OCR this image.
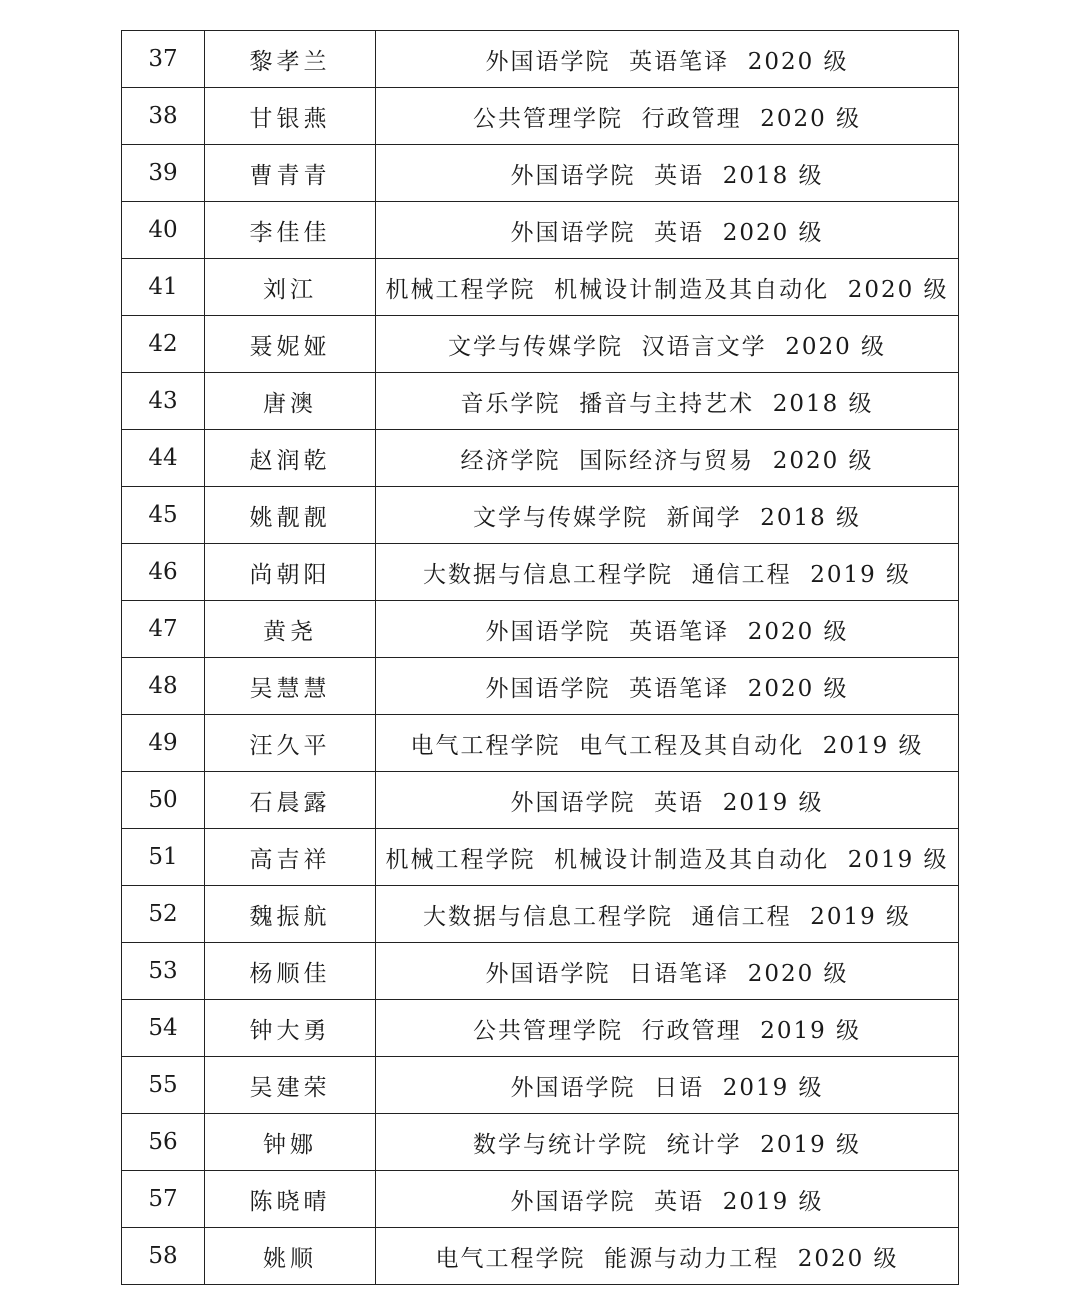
37	黎孝兰	外国语学院  英语笔译  2020 级
38	甘银燕	公共管理学院  行政管理  2020 级
39	曹青青	外国语学院  英语  2018 级
40	李佳佳	外国语学院  英语  2020 级
41	刘江	机械工程学院  机械设计制造及其自动化  2020 级
42	聂妮娅	文学与传媒学院  汉语言文学  2020 级
43	唐澳	音乐学院  播音与主持艺术  2018 级
44	赵润乾	经济学院  国际经济与贸易  2020 级
45	姚靓靓	文学与传媒学院  新闻学  2018 级
46	尚朝阳	大数据与信息工程学院  通信工程  2019 级
47	黄尧	外国语学院  英语笔译  2020 级
48	吴慧慧	外国语学院  英语笔译  2020 级
49	汪久平	电气工程学院  电气工程及其自动化  2019 级
50	石晨露	外国语学院  英语  2019 级
51	高吉祥	机械工程学院  机械设计制造及其自动化  2019 级
52	魏振航	大数据与信息工程学院  通信工程  2019 级
53	杨顺佳	外国语学院  日语笔译  2020 级
54	钟大勇	公共管理学院  行政管理  2019 级
55	吴建荣	外国语学院  日语  2019 级
56	钟娜	数学与统计学院  统计学  2019 级
57	陈晓晴	外国语学院  英语  2019 级
58	姚顺	电气工程学院  能源与动力工程  2020 级
